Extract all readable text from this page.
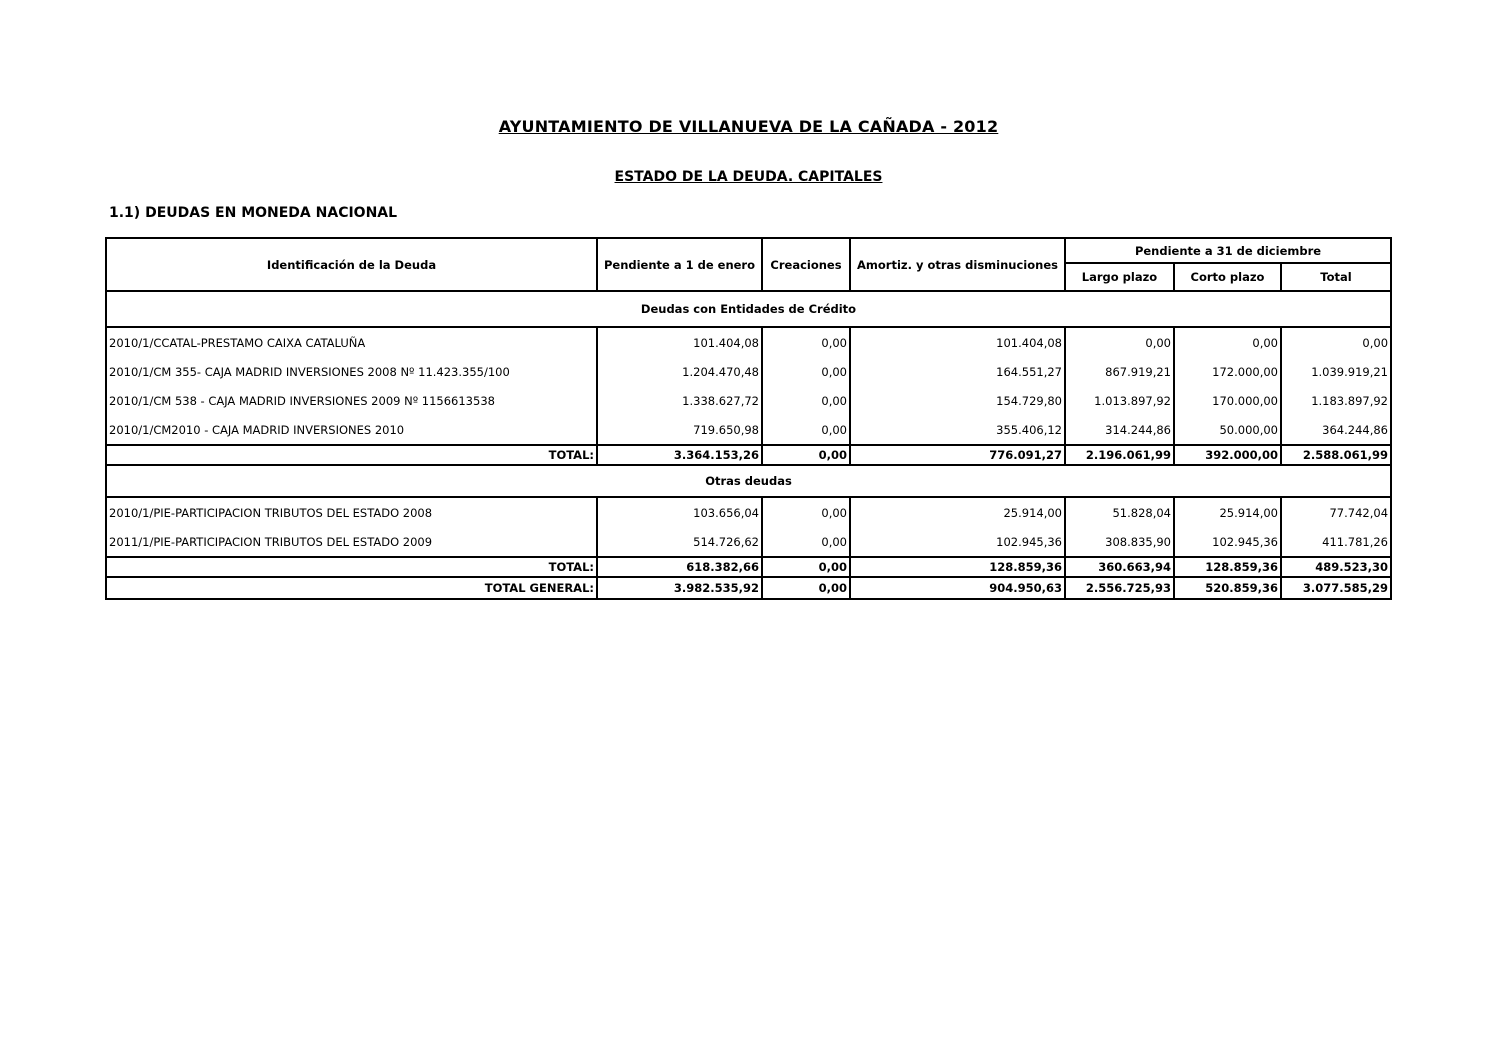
AYUNTAMIENTO DE VILLANUEVA DE LA CAÑADA - 2012
ESTADO DE LA DEUDA. CAPITALES
1.1) DEUDAS EN MONEDA NACIONAL
Identificación de la Deuda	Pendiente a 1 de enero	Creaciones	Amortiz. y otras disminuciones	Pendiente a 31 de diciembre		
				Largo plazo	Corto plazo	Total
Deudas con Entidades de Crédito						
2010/1/CCATAL-PRESTAMO CAIXA CATALUÑA	101.404,08	0,00	101.404,08	0,00	0,00	0,00
2010/1/CM 355- CAJA MADRID INVERSIONES 2008 Nº 11.423.355/100	1.204.470,48	0,00	164.551,27	867.919,21	172.000,00	1.039.919,21
2010/1/CM 538 - CAJA MADRID INVERSIONES 2009 Nº 1156613538	1.338.627,72	0,00	154.729,80	1.013.897,92	170.000,00	1.183.897,92
2010/1/CM2010 - CAJA MADRID INVERSIONES 2010	719.650,98	0,00	355.406,12	314.244,86	50.000,00	364.244,86
TOTAL:	3.364.153,26	0,00	776.091,27	2.196.061,99	392.000,00	2.588.061,99
Otras deudas						
2010/1/PIE-PARTICIPACION TRIBUTOS DEL ESTADO 2008	103.656,04	0,00	25.914,00	51.828,04	25.914,00	77.742,04
2011/1/PIE-PARTICIPACION TRIBUTOS DEL ESTADO 2009	514.726,62	0,00	102.945,36	308.835,90	102.945,36	411.781,26
TOTAL:	618.382,66	0,00	128.859,36	360.663,94	128.859,36	489.523,30
TOTAL GENERAL:	3.982.535,92	0,00	904.950,63	2.556.725,93	520.859,36	3.077.585,29
